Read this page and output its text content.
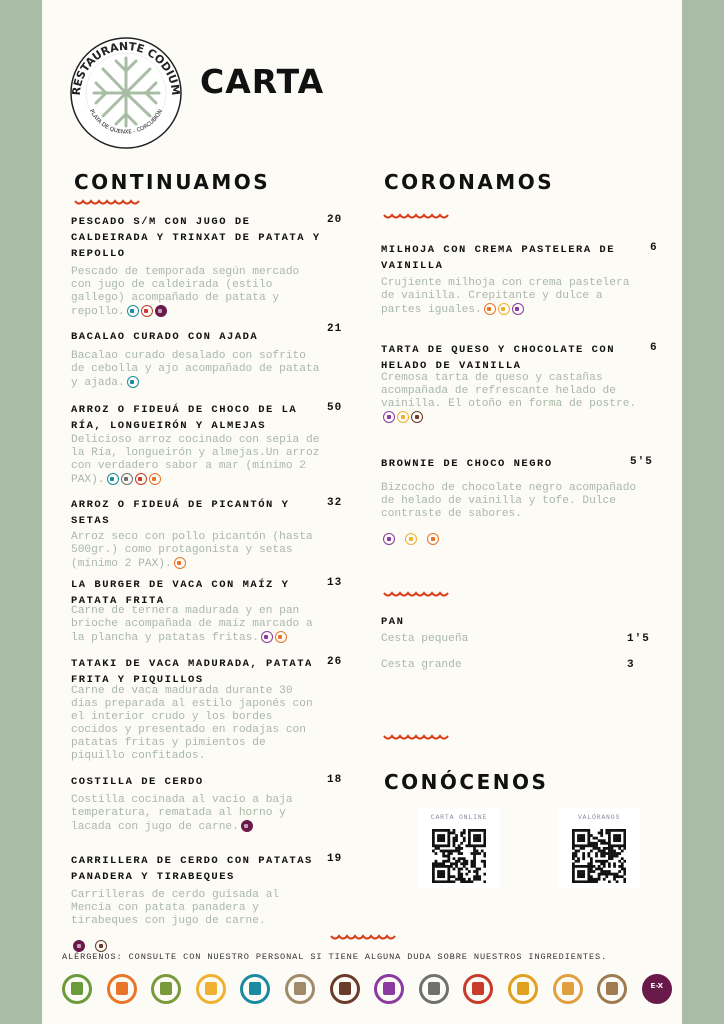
RESTAURANTE CODIUM
PLAYA DE QUENXE - CORCUBIÓN
CARTA
CONTINUAMOS	CORONAMOS
PAN
CONÓCENOS
CARTA ONLINE	VALÓRANOS
ALÉRGENOS: CONSULTE CON NUESTRO PERSONAL SI TIENE ALGUNA DUDA SOBRE NUESTROS INGREDIENTES.
PESCADO S/M CON JUGO DE CALDEIRADA Y TRINXAT DE PATATA Y REPOLLO
20
Pescado de temporada según mercado con jugo de caldeirada (estilo gallego) acompañado de patata y repollo.
BACALAO CURADO CON AJADA
21
Bacalao curado desalado con sofrito de cebolla y ajo acompañado de patata y ajada.
ARROZ O FIDEUÁ DE CHOCO DE LA RÍA, LONGUEIRÓN Y ALMEJAS
50
Delicioso arroz cocinado con sepia de la Ría, longueirón y almejas.Un arroz con verdadero sabor a mar (mínimo 2 PAX).
ARROZ O FIDEUÁ DE PICANTÓN Y SETAS
32
Arroz seco con pollo picantón (hasta 500gr.) como protagonista y setas (mínimo 2 PAX).
LA BURGER DE VACA CON MAÍZ Y PATATA FRITA
13
Carne de ternera madurada y en pan brioche acompañada de maíz marcado a la plancha y patatas fritas.
TATAKI DE VACA MADURADA, PATATA FRITA Y PIQUILLOS
26
Carne de vaca madurada durante 30 días preparada al estilo japonés con el interior crudo y los bordes cocidos y presentado en rodajas con patatas fritas y pimientos de piquillo confitados.
COSTILLA DE CERDO	18
Costilla cocinada al vacío a baja temperatura, rematada al horno y lacada con jugo de carne.
CARRILLERA DE CERDO CON PATATAS PANADERA Y TIRABEQUES
19
Carrilleras de cerdo guisada al Mencía con patata panadera y tirabeques con jugo de carne.
MILHOJA CON CREMA PASTELERA DE VAINILLA
6
Crujiente milhoja con crema pastelera de vainilla. Crepitante y dulce a partes iguales.
TARTA DE QUESO Y CHOCOLATE CON HELADO DE VAINILLA
6
Cremosa tarta de queso y castañas acompañada de refrescante helado de vainilla. El otoño en forma de postre.
BROWNIE DE CHOCO NEGRO	5'5
Bizcocho de chocolate negro acompañado de helado de vainilla y tofe. Dulce contraste de sabores.
Cesta pequeña	1'5
Cesta grande	3
E-X
